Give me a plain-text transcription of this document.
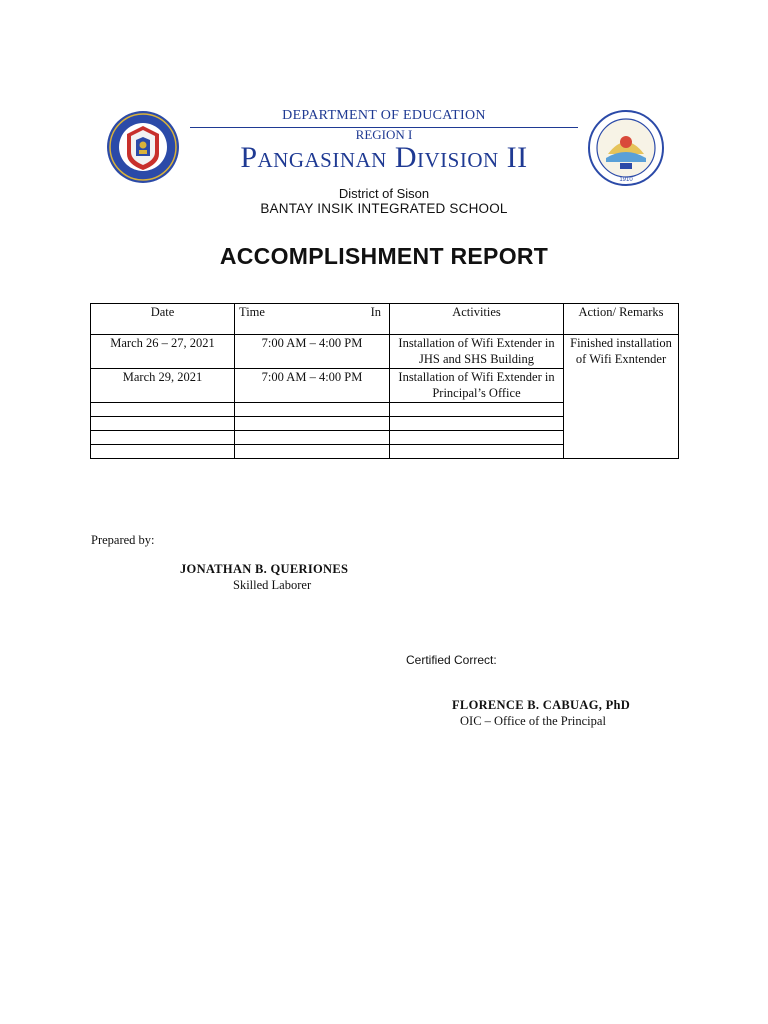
1910
DEPARTMENT OF EDUCATION
REGION I
Pangasinan Division II
District of Sison
BANTAY INSIK INTEGRATED SCHOOL
ACCOMPLISHMENT REPORT
Date	Time In	Activities	Action/ Remarks
March 26 – 27, 2021	7:00 AM – 4:00 PM	Installation of Wifi Extender in JHS and SHS Building	Finished installation of Wifi Exntender
March 29, 2021	7:00 AM – 4:00 PM	Installation of Wifi Extender in Principal’s Office	

Prepared by:
JONATHAN B. QUERIONES
Skilled Laborer
Certified Correct:
FLORENCE B. CABUAG, PhD
OIC – Office of the Principal
